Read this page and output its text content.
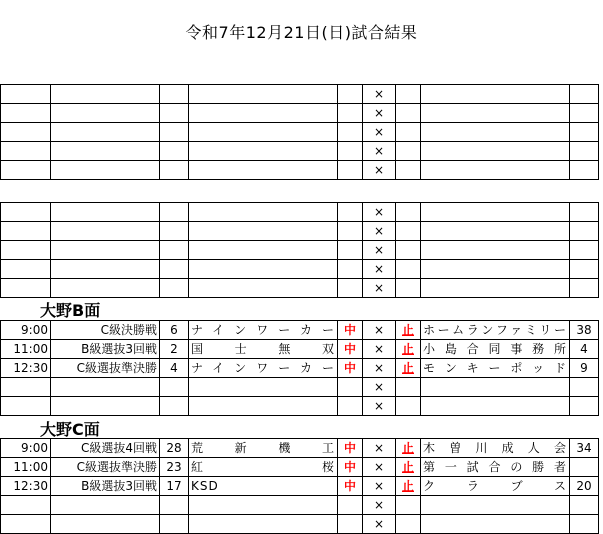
令和7年12月21日(日)試合結果
					×			
					×			
					×			
					×			
					×			
					×			
					×			
					×			
					×			
					×			
大野B面
9:00	C級決勝戦	6	ナインワーカー	中	×	止	ホームランファミリー	38
11:00	B級選抜3回戦	2	国士無双	中	×	止	小島合同事務所	4
12:30	C級選抜準決勝	4	ナインワーカー	中	×	止	モンキーポッド	9
					×			
					×			
大野C面
9:00	C級選抜4回戦	28	荒新機工	中	×	止	木曽川成人会	34
11:00	C級選抜準決勝	23	紅桜	中	×	止	第一試合の勝者	
12:30	B級選抜3回戦	17	KSD	中	×	止	クラブス	20
					×			
					×			
